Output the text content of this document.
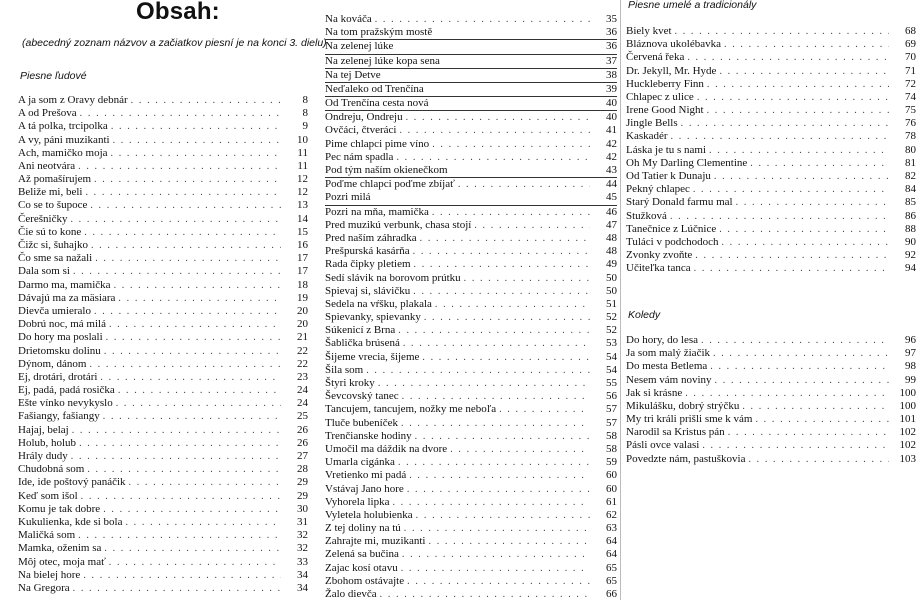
Obsah:
(abecedný zoznam názvov a začiatkov piesní je na konci 3. dielu)
Piesne ľudové
A ja som z Oravy debnár . . .	8
A od Prešova . . .	8
A tá polka, trcipolka . . .	9
A vy, páni muzikanti . . .	10
Ach, mamičko moja . . .	11
Ani neotvára . . .	11
Až pomašírujem . . .	12
Beliže mi, beli . . .	12
Co se to šupoce . . .	13
Čerešničky . . .	14
Čie sú to kone . . .	15
Čižc si, šuhajko . . .	16
Čo sme sa nažali . . .	17
Dala som si . . .	17
Darmo ma, mamička . . .	18
Dávajú ma za mäsiara . . .	19
Dievča umieralo . . .	20
Dobrú noc, má milá . . .	20
Do hory ma poslali . . .	21
Drietomsku dolinu . . .	22
Dýnom, dánom . . .	22
Ej, drotári, drotári . . .	23
Ej, padá, padá rosička . . .	24
Ešte vínko nevykyslo . . .	24
Fašiangy, fašiangy . . .	25
Hajaj, belaj . . .	26
Holub, holub . . .	26
Hrály dudy . . .	27
Chudobná som . . .	28
Ide, ide poštový panáčik . . .	29
Keď som išol . . .	29
Komu je tak dobre . . .	30
Kukulienka, kde si bola . . .	31
Maličká som . . .	32
Mamka, oženim sa . . .	32
Môj otec, moja mať . . .	33
Na bielej hore . . .	34
Na Gregora . . .	34
Na kováča . . .	35
Na tom pražským mostě	36
Na zelenej lúke	36
Na zelenej lúke kopa sena	37
Na tej Detve	38
Neďaleko od Trenčína	39
Od Trenčína cesta nová	40
Ondreju, Ondreju . . .	40
Ovčáci, čtveráci . . .	41
Pime chlapci pime víno . . .	42
Pec nám spadla . . .	42
Pod tým naším okienečkom	43
Poďme chlapci poďme zbíjať . . .	44
Pozri milá	45
Pozri na mňa, mamička . . .	46
Pred muzikú verbunk, chasa stojí . . .	47
Pred naším záhradka . . .	48
Prešpurská kasárňa . . .	48
Rada čipky pletiem . . .	49
Sedí slávik na borovom prútku . . .	50
Spievaj si, slávičku . . .	50
Sedela na vŕšku, plakala . . .	51
Spievanky, spievanky . . .	52
Súkenicí z Brna . . .	52
Šablička brúsená . . .	53
Šijeme vrecia, šijeme . . .	54
Šila som . . .	54
Štyri kroky . . .	55
Ševcovský tanec . . .	56
Tancujem, tancujem, nožky me neboľa . . .	57
Tluče bubeníček . . .	57
Trenčianske hodiny . . .	58
Umočil ma dáždik na dvore . . .	58
Umarla cigánka . . .	59
Vretienko mi padá . . .	60
Vstávaj Jano hore . . .	60
Vyhorela lipka . . .	61
Vyletela holubienka . . .	62
Z tej doliny na tú . . .	63
Zahrajte mi, muzikanti . . .	64
Zelená sa bučina . . .	64
Zajac kosí otavu . . .	65
Zbohom ostávajte . . .	65
Žalo dievča . . .	66
Piesne umelé a tradicionály
Biely kvet . . .	68
Bláznova ukolébavka . . .	69
Červená řeka . . .	70
Dr. Jekyll, Mr. Hyde . . .	71
Huckleberry Finn . . .	72
Chlapec z ulice . . .	74
Irene Good Night . . .	75
Jingle Bells . . .	76
Kaskadér . . .	78
Láska je tu s nami . . .	80
Oh My Darling Clementine . . .	81
Od Tatier k Dunaju . . .	82
Pekný chlapec . . .	84
Starý Donald farmu mal . . .	85
Stužková . . .	86
Tanečnice z Lúčnice . . .	88
Tuláci v podchodoch . . .	90
Zvonky zvoňte . . .	92
Učiteľka tanca . . .	94
Koledy
Do hory, do lesa . . .	96
Ja som malý žiačik . . .	97
Do mesta Betlema . . .	98
Nesem vám noviny . . .	99
Jak si krásne . . .	100
Mikulášku, dobrý strýčku . . .	100
My tri králi prišli sme k vám . . .	101
Narodil sa Kristus pán . . .	102
Pásli ovce valasi . . .	102
Povedzte nám, pastuškovia . . .	103
